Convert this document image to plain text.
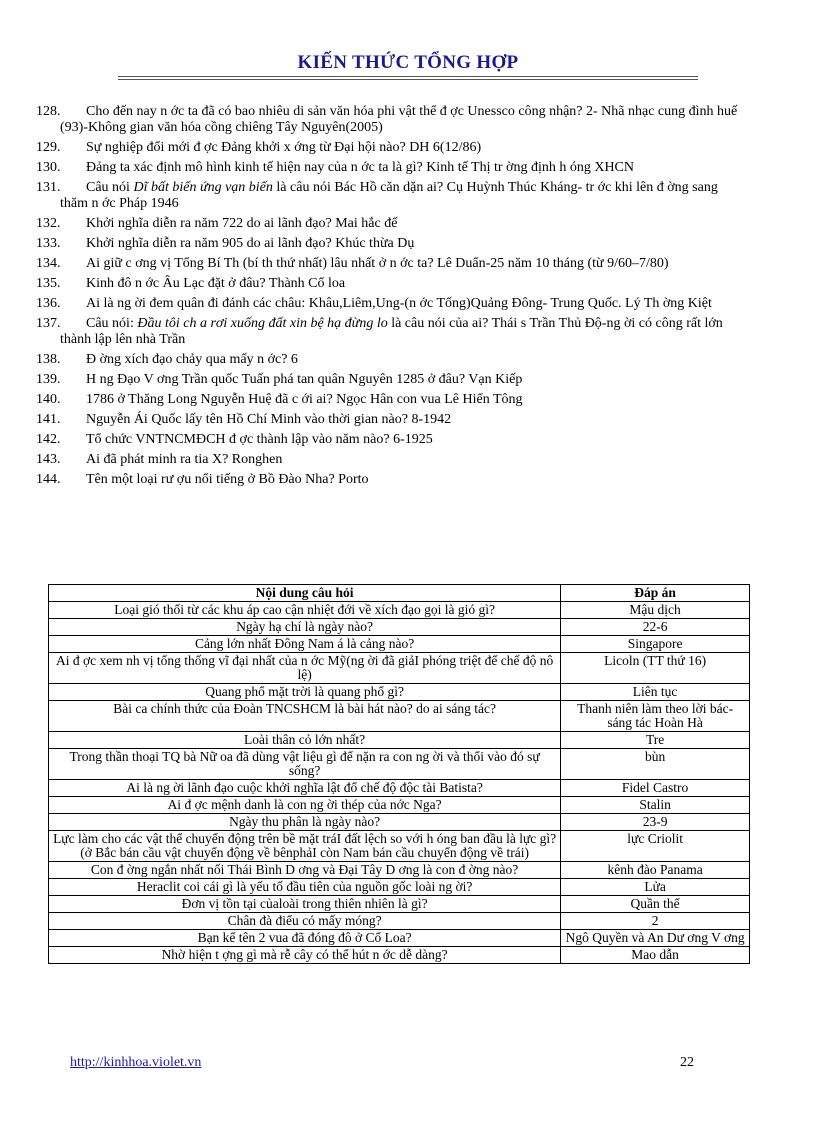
KIẾN THỨC TỔNG HỢP
128.	Cho đến nay n ớc ta đã có bao nhiêu di sản văn hóa phi vật thể đ ợc Unessco công nhận? 2- Nhã nhạc cung đình huế (93)-Không gian văn hóa cồng chiêng Tây Nguyên(2005)
129.	Sự nghiệp đổi mới đ ợc Đảng khởi x ớng từ Đại hội nào? DH 6(12/86)
130.	Đảng ta xác định mô hình kinh tế hiện nay của n ớc ta là gì? Kinh tế Thị tr ờng định h óng XHCN
131.	Câu nói Dĩ bất biến ứng vạn biến là câu nói Bác Hồ căn dặn ai? Cụ Huỳnh Thúc Kháng- tr ớc khi lên đ ờng sang thăm n ớc Pháp 1946
132.	Khởi nghĩa diễn ra năm 722 do ai lãnh đạo? Mai hắc đế
133.	Khởi nghĩa diễn ra năm 905 do ai lãnh đạo? Khúc thừa Dụ
134.	Ai giữ c ơng vị Tổng Bí Th (bí th thứ nhất) lâu nhất ở n ớc ta? Lê Duẩn-25 năm 10 tháng (từ 9/60–7/80)
135.	Kinh đô n ớc Âu Lạc đặt ở đâu? Thành Cổ loa
136.	Ai là ng ời đem quân đi đánh các châu: Khâu,Liêm,Ung-(n ớc Tống)Quảng Đông- Trung Quốc. Lý Th ờng Kiệt
137.	Câu nói: Đầu tôi ch a rơi xuống đất xin bệ hạ đừng lo là câu nói của ai? Thái s Trần Thủ Độ-ng ời có công rất lớn thành lập lên nhà Trần
138.	Đ ờng xích đạo chảy qua mấy n ớc? 6
139.	H ng Đạo V ơng Trần quốc Tuấn phá tan quân Nguyên 1285 ở đâu? Vạn Kiếp
140.	1786 ở Thăng Long Nguyễn Huệ đã c ới ai? Ngọc Hân con vua Lê Hiển Tông
141.	Nguyễn Ái Quốc lấy tên Hồ Chí Minh vào thời gian nào? 8-1942
142.	Tổ chức VNTNCMĐCH đ ợc thành lập vào năm nào? 6-1925
143.	Ai đã phát minh ra tia X? Ronghen
144.	Tên một loại rư ợu nổi tiếng ở Bồ Đào Nha? Porto
Nội dung câu hỏi	Đáp án
Loại gió thổi từ các khu áp cao cận nhiệt đới về xích đạo gọi là gió gì?	Mậu dịch
Ngày hạ chí là ngày nào?	22-6
Cảng lớn nhất Đông Nam á là cảng nào?	Singapore
Ai đ ợc xem nh vị tổng thống vĩ đại nhất của n ớc Mỹ(ng ời đã giảI phóng triệt để chế độ nô lệ)	Licoln (TT thứ 16)
Quang phổ mặt trời là quang phổ gì?	Liên tục
Bài ca chính thức của Đoàn TNCSHCM là bài hát nào? do ai sáng tác?	Thanh niên làm theo lời bác- sáng tác Hoàn Hà
Loài thân cỏ lớn nhất?	Tre
Trong thần thoại TQ bà Nữ oa đã dùng vật liệu gì để nặn ra con ng ời và thổi vào đó sự sống?	bùn
Ai là ng ời lãnh đạo cuộc khởi nghĩa lật đổ chế độ độc tài Batista?	Fidel Castro
Ai đ ợc mệnh danh là con ng ời thép của nớc Nga?	Stalin
Ngày thu phân là ngày nào?	23-9
Lực làm cho các vật thể chuyển động trên bề mặt tráI đất lệch so với h óng ban đầu là lực gì?(ở Bắc bán cầu vật chuyển động về bênphảI còn Nam bán cầu chuyển động về trái)	lực Criolit
Con đ ờng ngắn nhất nối Thái Bình D ơng và Đại Tây D ơng là con đ ờng nào?	kênh đào Panama
Heraclit coi cái gì là yếu tố đầu tiên của nguồn gốc loài ng ời?	Lửa
Đơn vị tồn tại củaloài trong thiên nhiên là gì?	Quần thể
Chân đà điểu có mấy móng?	2
Bạn kể tên 2 vua đã đóng đô ở Cổ Loa?	Ngô Quyền và An Dư ơng V ơng
Nhờ hiện t ợng gì mà rễ cây có thể hút n ớc dễ dàng?	Mao dẫn
http://kinhhoa.violet.vn	22
